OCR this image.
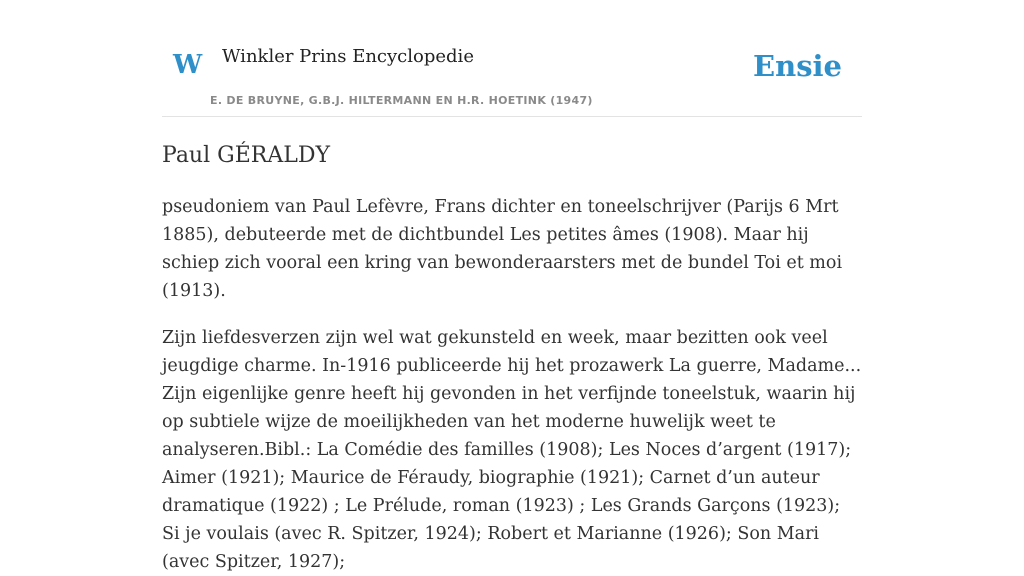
W Winkler Prins Encyclopedie
E. DE BRUYNE, G.B.J. HILTERMANN EN H.R. HOETINK (1947)
Ensie
Paul GÉRALDY

pseudoniem van Paul Lefèvre, Frans dichter en toneelschrijver (Parijs 6 Mrt 1885), debuteerde met de dichtbundel Les petites âmes (1908). Maar hij schiep zich vooral een kring van bewonderaarsters met de bundel Toi et moi (1913).

Zijn liefdesverzen zijn wel wat gekunsteld en week, maar bezitten ook veel jeugdige charme. In-1916 publiceerde hij het prozawerk La guerre, Madame... Zijn eigenlijke genre heeft hij gevonden in het verfijnde toneelstuk, waarin hij op subtiele wijze de moeilijkheden van het moderne huwelijk weet te analyseren.Bibl.: La Comédie des familles (1908); Les Noces d’argent (1917); Aimer (1921); Maurice de Féraudy, biographie (1921); Carnet d’un auteur dramatique (1922) ; Le Prélude, roman (1923) ; Les Grands Garçons (1923); Si je voulais (avec R. Spitzer, 1924); Robert et Marianne (1926); Son Mari (avec Spitzer, 1927);
